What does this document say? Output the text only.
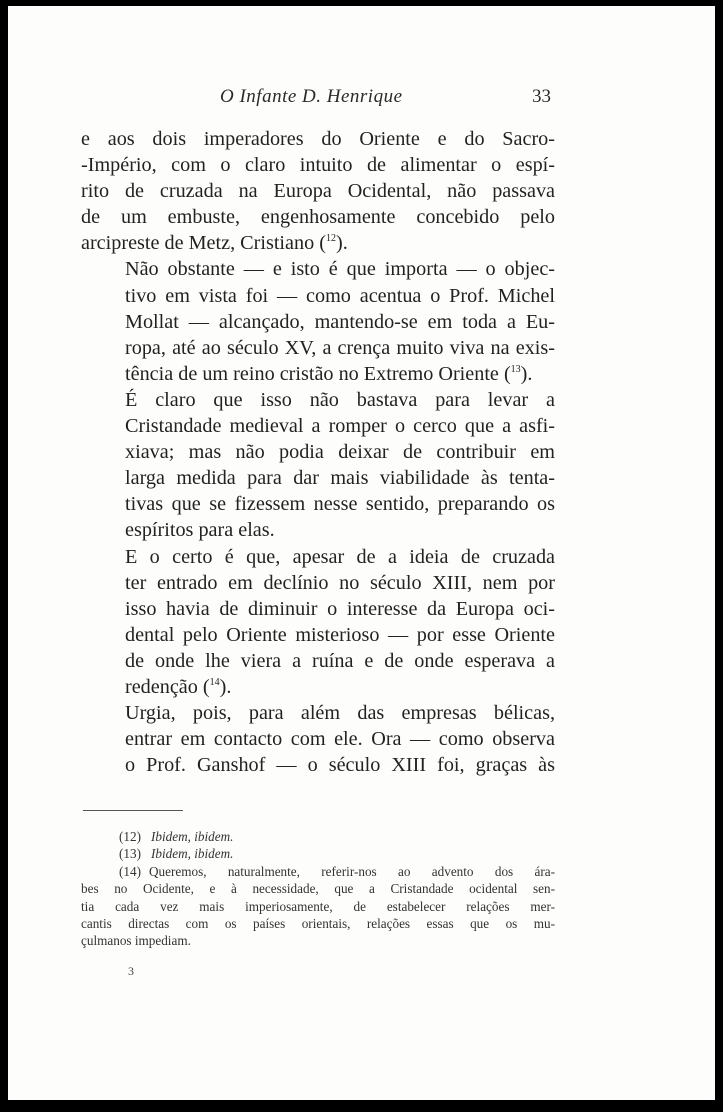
O Infante D. Henrique	33

e aos dois imperadores do Oriente e do Sacro-
-Império, com o claro intuito de alimentar o espí-
rito de cruzada na Europa Ocidental, não passava
de um embuste, engenhosamente concebido pelo
arcipreste de Metz, Cristiano ($^{12}$).

Não obstante — e isto é que importa — o objec-
tivo em vista foi — como acentua o Prof. Michel
Mollat — alcançado, mantendo-se em toda a Eu-
ropa, até ao século XV, a crença muito viva na exis-
tência de um reino cristão no Extremo Oriente ($^{13}$).

É claro que isso não bastava para levar a
Cristandade medieval a romper o cerco que a asfi-
xiava; mas não podia deixar de contribuir em
larga medida para dar mais viabilidade às tenta-
tivas que se fizessem nesse sentido, preparando os
espíritos para elas.

E o certo é que, apesar de a ideia de cruzada
ter entrado em declínio no século XIII, nem por
isso havia de diminuir o interesse da Europa oci-
dental pelo Oriente misterioso — por esse Oriente
de onde lhe viera a ruína e de onde esperava a
redenção ($^{14}$).

Urgia, pois, para além das empresas bélicas,
entrar em contacto com ele. Ora — como observa
o Prof. Ganshof — o século XIII foi, graças às

(12) Ibidem, ibidem.
(13) Ibidem, ibidem.
(14) Queremos, naturalmente, referir-nos ao advento dos ára-
bes no Ocidente, e à necessidade, que a Cristandade ocidental sen-
tia cada vez mais imperiosamente, de estabelecer relações mer-
cantis directas com os países orientais, relações essas que os mu-
çulmanos impediam.
3
